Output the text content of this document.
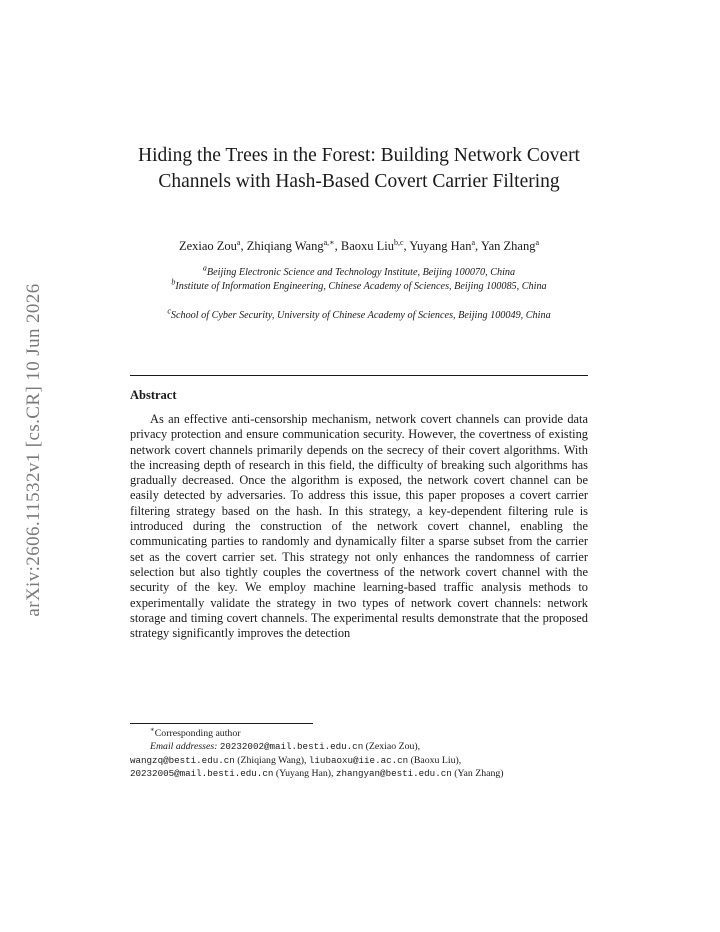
arXiv:2606.11532v1 [cs.CR] 10 Jun 2026
Hiding the Trees in the Forest: Building Network Covert Channels with Hash-Based Covert Carrier Filtering
Zexiao Zou$^a$, Zhiqiang Wang$^{a,∗}$, Baoxu Liu$^{b,c}$, Yuyang Han$^a$, Yan Zhang$^a$
$^a$Beijing Electronic Science and Technology Institute, Beijing 100070, China
$^b$Institute of Information Engineering, Chinese Academy of Sciences, Beijing 100085, China
$^c$School of Cyber Security, University of Chinese Academy of Sciences, Beijing 100049, China
Abstract
As an effective anti-censorship mechanism, network covert channels can provide data privacy protection and ensure communication security. However, the covertness of existing network covert channels primarily depends on the secrecy of their covert algorithms. With the increasing depth of research in this field, the difficulty of breaking such algorithms has gradually decreased. Once the algorithm is exposed, the network covert channel can be easily detected by adversaries. To address this issue, this paper proposes a covert carrier filtering strategy based on the hash. In this strategy, a key-dependent filtering rule is introduced during the construction of the network covert channel, enabling the communicating parties to randomly and dynamically filter a sparse subset from the carrier set as the covert carrier set. This strategy not only enhances the randomness of carrier selection but also tightly couples the covertness of the network covert channel with the security of the key. We employ machine learning-based traffic analysis methods to experimentally validate the strategy in two types of network covert channels: network storage and timing covert channels. The experimental results demonstrate that the proposed strategy significantly improves the detection
∗Corresponding author
Email addresses: 20232002@mail.besti.edu.cn (Zexiao Zou),
wangzq@besti.edu.cn (Zhiqiang Wang), liubaoxu@iie.ac.cn (Baoxu Liu),
20232005@mail.besti.edu.cn (Yuyang Han), zhangyan@besti.edu.cn (Yan Zhang)
